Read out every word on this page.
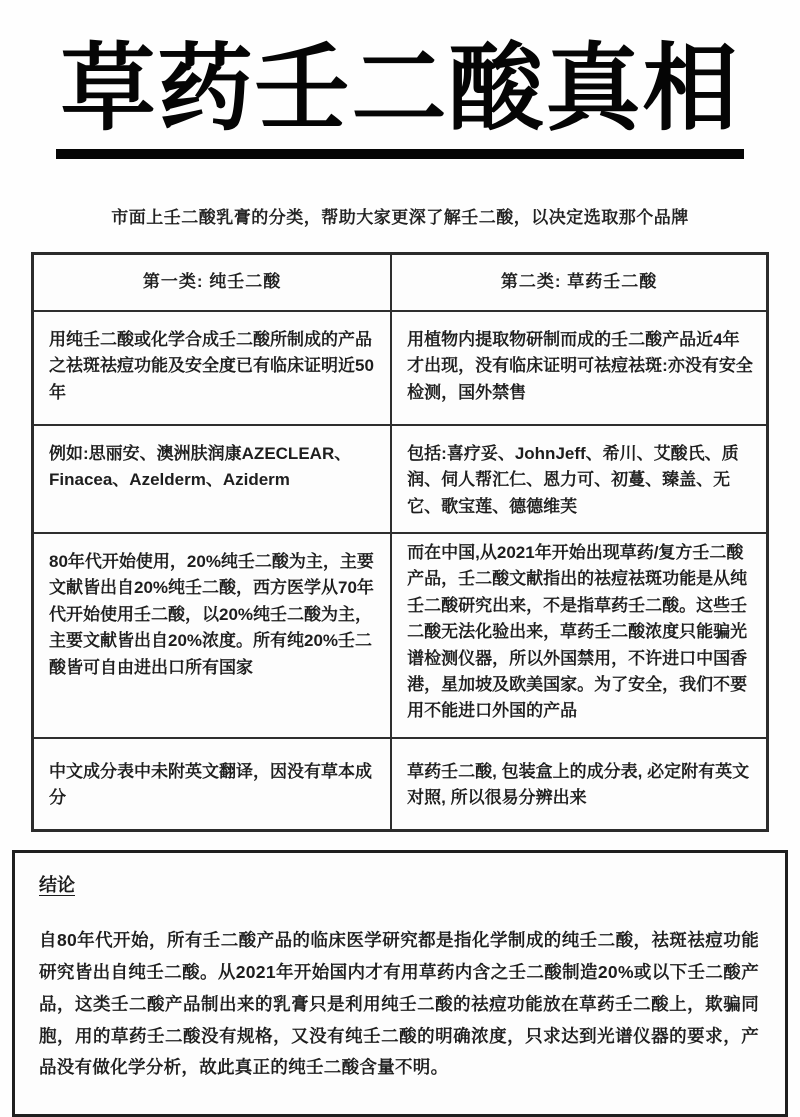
草药壬二酸真相

市面上壬二酸乳膏的分类，帮助大家更深了解壬二酸，以决定选取那个品牌

第一类: 纯壬二酸	第二类: 草药壬二酸
用纯壬二酸或化学合成壬二酸所制成的产品之祛斑祛痘功能及安全度已有临床证明近50年	用植物内提取物研制而成的壬二酸产品近4年才出现，没有临床证明可祛痘祛斑:亦没有安全检测，国外禁售
例如:思丽安、澳洲肤润康AZECLEAR、Finacea、Azelderm、Aziderm	包括:喜疗妥、JohnJeff、希川、艾酸氏、质润、伺人帮汇仁、恩力可、初蔓、臻盖、无它、歌宝莲、德德维芙
80年代开始使用，20%纯壬二酸为主，主要文献皆出自20%纯壬二酸，西方医学从70年代开始使用壬二酸，以20%纯壬二酸为主，主要文献皆出自20%浓度。所有纯20%壬二酸皆可自由进出口所有国家	而在中国,从2021年开始出现草药/复方壬二酸产品，壬二酸文献指出的祛痘祛斑功能是从纯壬二酸研究出来，不是指草药壬二酸。这些壬二酸无法化验出来，草药壬二酸浓度只能骗光谱检测仪器，所以外国禁用，不许进口中国香港，星加坡及欧美国家。为了安全，我们不要用不能进口外国的产品
中文成分表中未附英文翻译，因没有草本成分	草药壬二酸, 包装盒上的成分表, 必定附有英文对照, 所以很易分辨出来
结论

自80年代开始，所有壬二酸产品的临床医学研究都是指化学制成的纯壬二酸，祛斑祛痘功能研究皆出自纯壬二酸。从2021年开始国内才有用草药内含之壬二酸制造20%或以下壬二酸产品，这类壬二酸产品制出来的乳膏只是利用纯壬二酸的祛痘功能放在草药壬二酸上，欺骗同胞，用的草药壬二酸没有规格，又没有纯壬二酸的明确浓度，只求达到光谱仪器的要求，产品没有做化学分析，故此真正的纯壬二酸含量不明。
